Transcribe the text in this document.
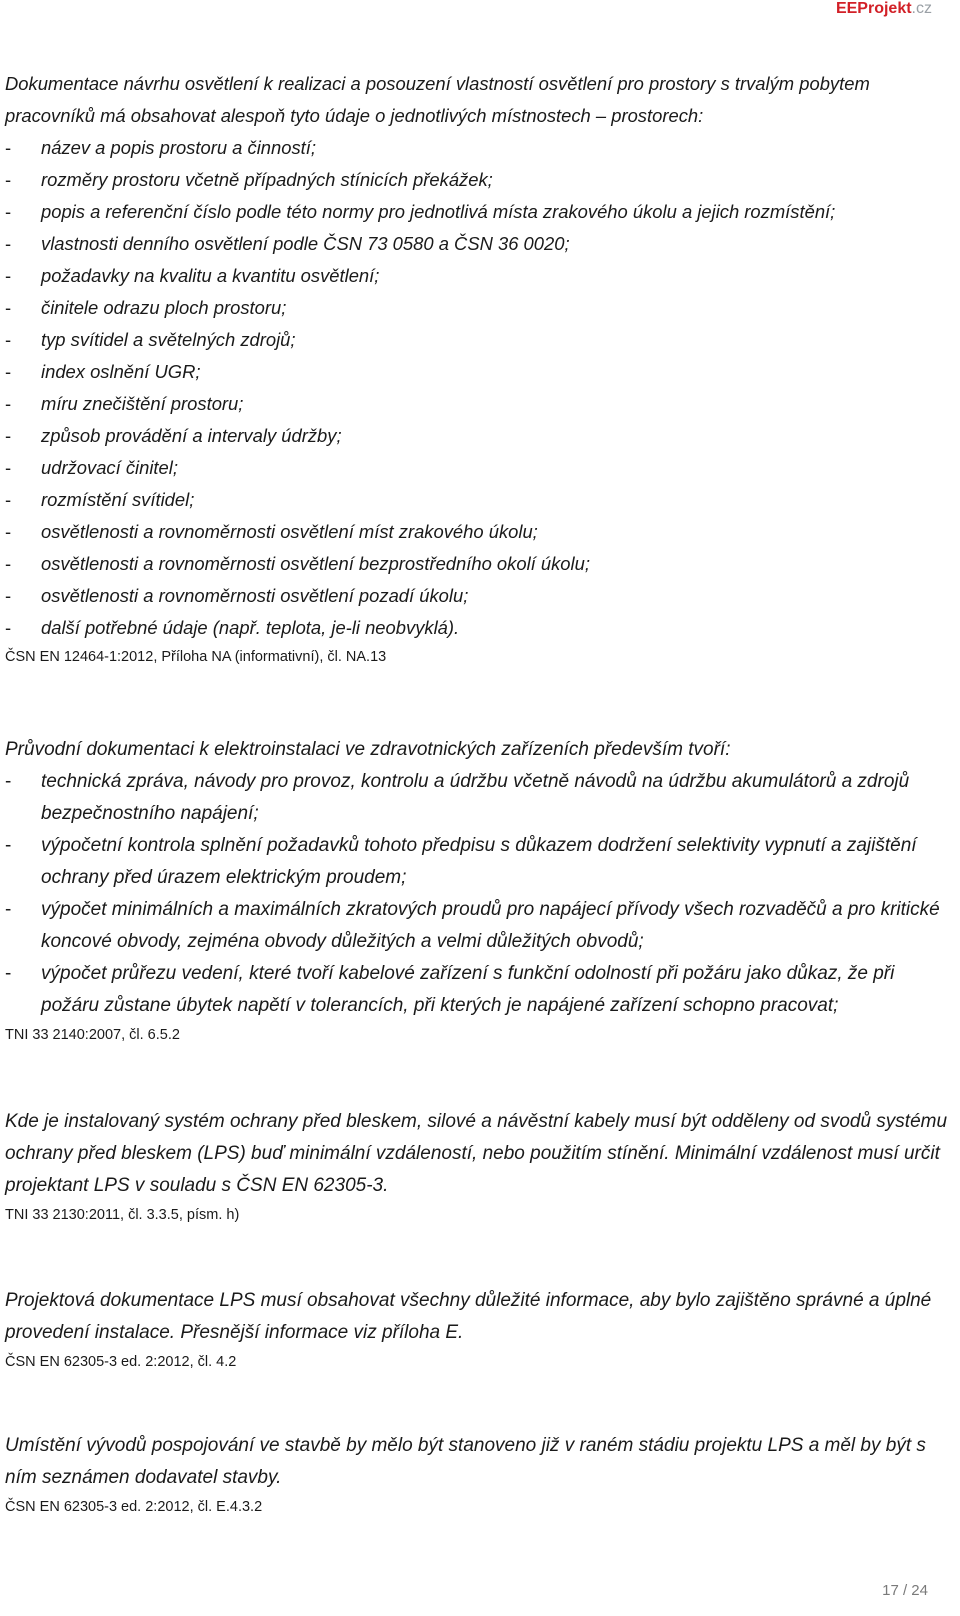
EEProjekt.cz

Dokumentace návrhu osvětlení k realizaci a posouzení vlastností osvětlení pro prostory s trvalým pobytem pracovníků má obsahovat alespoň tyto údaje o jednotlivých místnostech – prostorech:

- název a popis prostoru a činností;
- rozměry prostoru včetně případných stínicích překážek;
- popis a referenční číslo podle této normy pro jednotlivá místa zrakového úkolu a jejich rozmístění;
- vlastnosti denního osvětlení podle ČSN 73 0580 a ČSN 36 0020;
- požadavky na kvalitu a kvantitu osvětlení;
- činitele odrazu ploch prostoru;
- typ svítidel a světelných zdrojů;
- index oslnění UGR;
- míru znečištění prostoru;
- způsob provádění a intervaly údržby;
- udržovací činitel;
- rozmístění svítidel;
- osvětlenosti a rovnoměrnosti osvětlení míst zrakového úkolu;
- osvětlenosti a rovnoměrnosti osvětlení bezprostředního okolí úkolu;
- osvětlenosti a rovnoměrnosti osvětlení pozadí úkolu;
- další potřebné údaje (např. teplota, je-li neobvyklá).

ČSN EN 12464-1:2012, Příloha NA (informativní), čl. NA.13

Průvodní dokumentaci k elektroinstalaci ve zdravotnických zařízeních především tvoří:

- technická zpráva, návody pro provoz, kontrolu a údržbu včetně návodů na údržbu akumulátorů a zdrojů bezpečnostního napájení;
- výpočetní kontrola splnění požadavků tohoto předpisu s důkazem dodržení selektivity vypnutí a zajištění ochrany před úrazem elektrickým proudem;
- výpočet minimálních a maximálních zkratových proudů pro napájecí přívody všech rozvaděčů a pro kritické koncové obvody, zejména obvody důležitých a velmi důležitých obvodů;
- výpočet průřezu vedení, které tvoří kabelové zařízení s funkční odolností při požáru jako důkaz, že při požáru zůstane úbytek napětí v tolerancích, při kterých je napájené zařízení schopno pracovat;

TNI 33 2140:2007, čl. 6.5.2

Kde je instalovaný systém ochrany před bleskem, silové a návěstní kabely musí být odděleny od svodů systému ochrany před bleskem (LPS) buď minimální vzdáleností, nebo použitím stínění. Minimální vzdálenost musí určit projektant LPS v souladu s ČSN EN 62305-3.

TNI 33 2130:2011, čl. 3.3.5, písm. h)

Projektová dokumentace LPS musí obsahovat všechny důležité informace, aby bylo zajištěno správné a úplné provedení instalace. Přesnější informace viz příloha E.

ČSN EN 62305-3 ed. 2:2012, čl. 4.2

Umístění vývodů pospojování ve stavbě by mělo být stanoveno již v raném stádiu projektu LPS a měl by být s ním seznámen dodavatel stavby.

ČSN EN 62305-3 ed. 2:2012, čl. E.4.3.2

17 / 24
